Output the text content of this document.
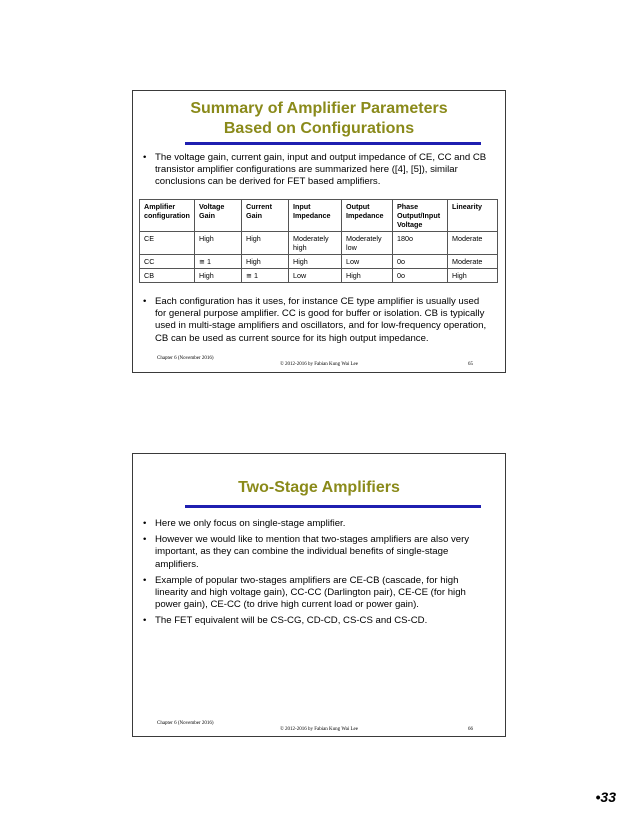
Summary of Amplifier Parameters
Based on Configurations
• The voltage gain, current gain, input and output impedance of CE, CC and CB transistor amplifier configurations are summarized here ([4], [5]), similar conclusions can be derived for FET based amplifiers.
Amplifier configuration	Voltage Gain	Current Gain	Input Impedance	Output Impedance	Phase Output/Input Voltage	Linearity
CE	High	High	Moderately high	Moderately low	180o	Moderate
CC	≅ 1	High	High	Low	0o	Moderate
CB	High	≅ 1	Low	High	0o	High
• Each configuration has it uses, for instance CE type amplifier is usually used for general purpose amplifier. CC is good for buffer or isolation. CB is typically used in multi-stage amplifiers and oscillators, and for low-frequency operation, CB can be used as current source for its high output impedance.
Chapter 6 (November 2016)
© 2012-2016 by Fabian Kung Wai Lee	65
Two-Stage Amplifiers
• Here we only focus on single-stage amplifier.
• However we would like to mention that two-stages amplifiers are also very important, as they can combine the individual benefits of single-stage amplifiers.
• Example of popular two-stages amplifiers are CE-CB (cascade, for high linearity and high voltage gain), CC-CC (Darlington pair), CE-CE (for high power gain), CE-CC (to drive high current load or power gain).
• The FET equivalent will be CS-CG, CD-CD, CS-CS and CS-CD.
Chapter 6 (November 2016)
© 2012-2016 by Fabian Kung Wai Lee	66
•33
